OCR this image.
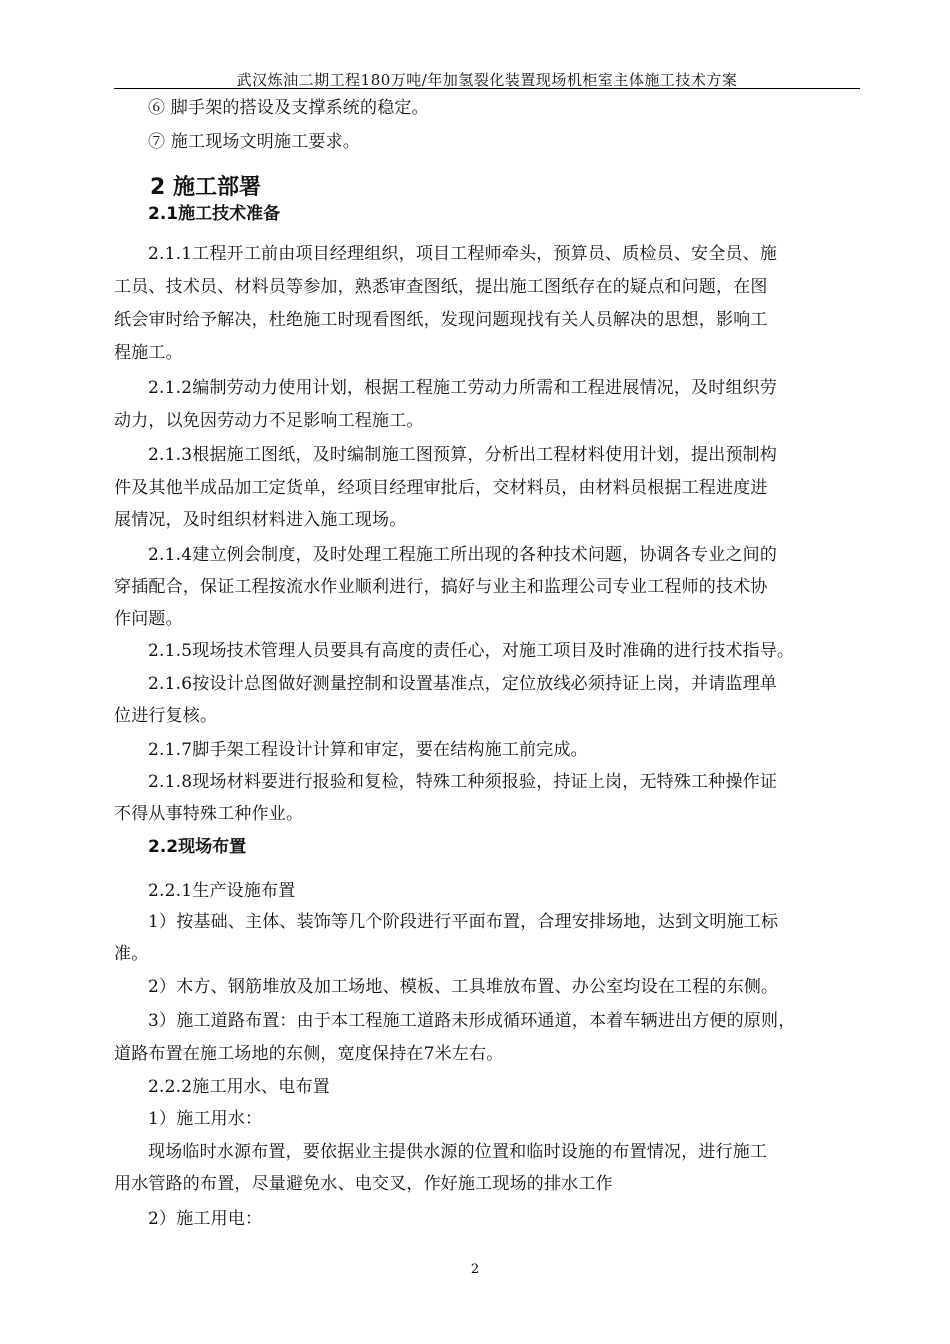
武汉炼油二期工程180万吨/年加氢裂化装置现场机柜室主体施工技术方案
⑥ 脚手架的搭设及支撑系统的稳定。
⑦ 施工现场文明施工要求。
2 施工部署
2.1施工技术准备
2.1.1工程开工前由项目经理组织，项目工程师牵头，预算员、质检员、安全员、施
工员、技术员、材料员等参加，熟悉审查图纸，提出施工图纸存在的疑点和问题，在图
纸会审时给予解决，杜绝施工时现看图纸，发现问题现找有关人员解决的思想，影响工
程施工。
2.1.2编制劳动力使用计划，根据工程施工劳动力所需和工程进展情况，及时组织劳
动力，以免因劳动力不足影响工程施工。
2.1.3根据施工图纸，及时编制施工图预算，分析出工程材料使用计划，提出预制构
件及其他半成品加工定货单，经项目经理审批后，交材料员，由材料员根据工程进度进
展情况，及时组织材料进入施工现场。
2.1.4建立例会制度，及时处理工程施工所出现的各种技术问题，协调各专业之间的
穿插配合，保证工程按流水作业顺利进行，搞好与业主和监理公司专业工程师的技术协
作问题。
2.1.5现场技术管理人员要具有高度的责任心，对施工项目及时准确的进行技术指导。
2.1.6按设计总图做好测量控制和设置基准点，定位放线必须持证上岗，并请监理单
位进行复核。
2.1.7脚手架工程设计计算和审定，要在结构施工前完成。
2.1.8现场材料要进行报验和复检，特殊工种须报验，持证上岗，无特殊工种操作证
不得从事特殊工种作业。
2.2现场布置
2.2.1生产设施布置
1）按基础、主体、装饰等几个阶段进行平面布置，合理安排场地，达到文明施工标
准。
2）木方、钢筋堆放及加工场地、模板、工具堆放布置、办公室均设在工程的东侧。
3）施工道路布置：由于本工程施工道路未形成循环通道，本着车辆进出方便的原则，
道路布置在施工场地的东侧，宽度保持在7米左右。
2.2.2施工用水、电布置
1）施工用水：
现场临时水源布置，要依据业主提供水源的位置和临时设施的布置情况，进行施工
用水管路的布置，尽量避免水、电交叉，作好施工现场的排水工作
2）施工用电：
2
